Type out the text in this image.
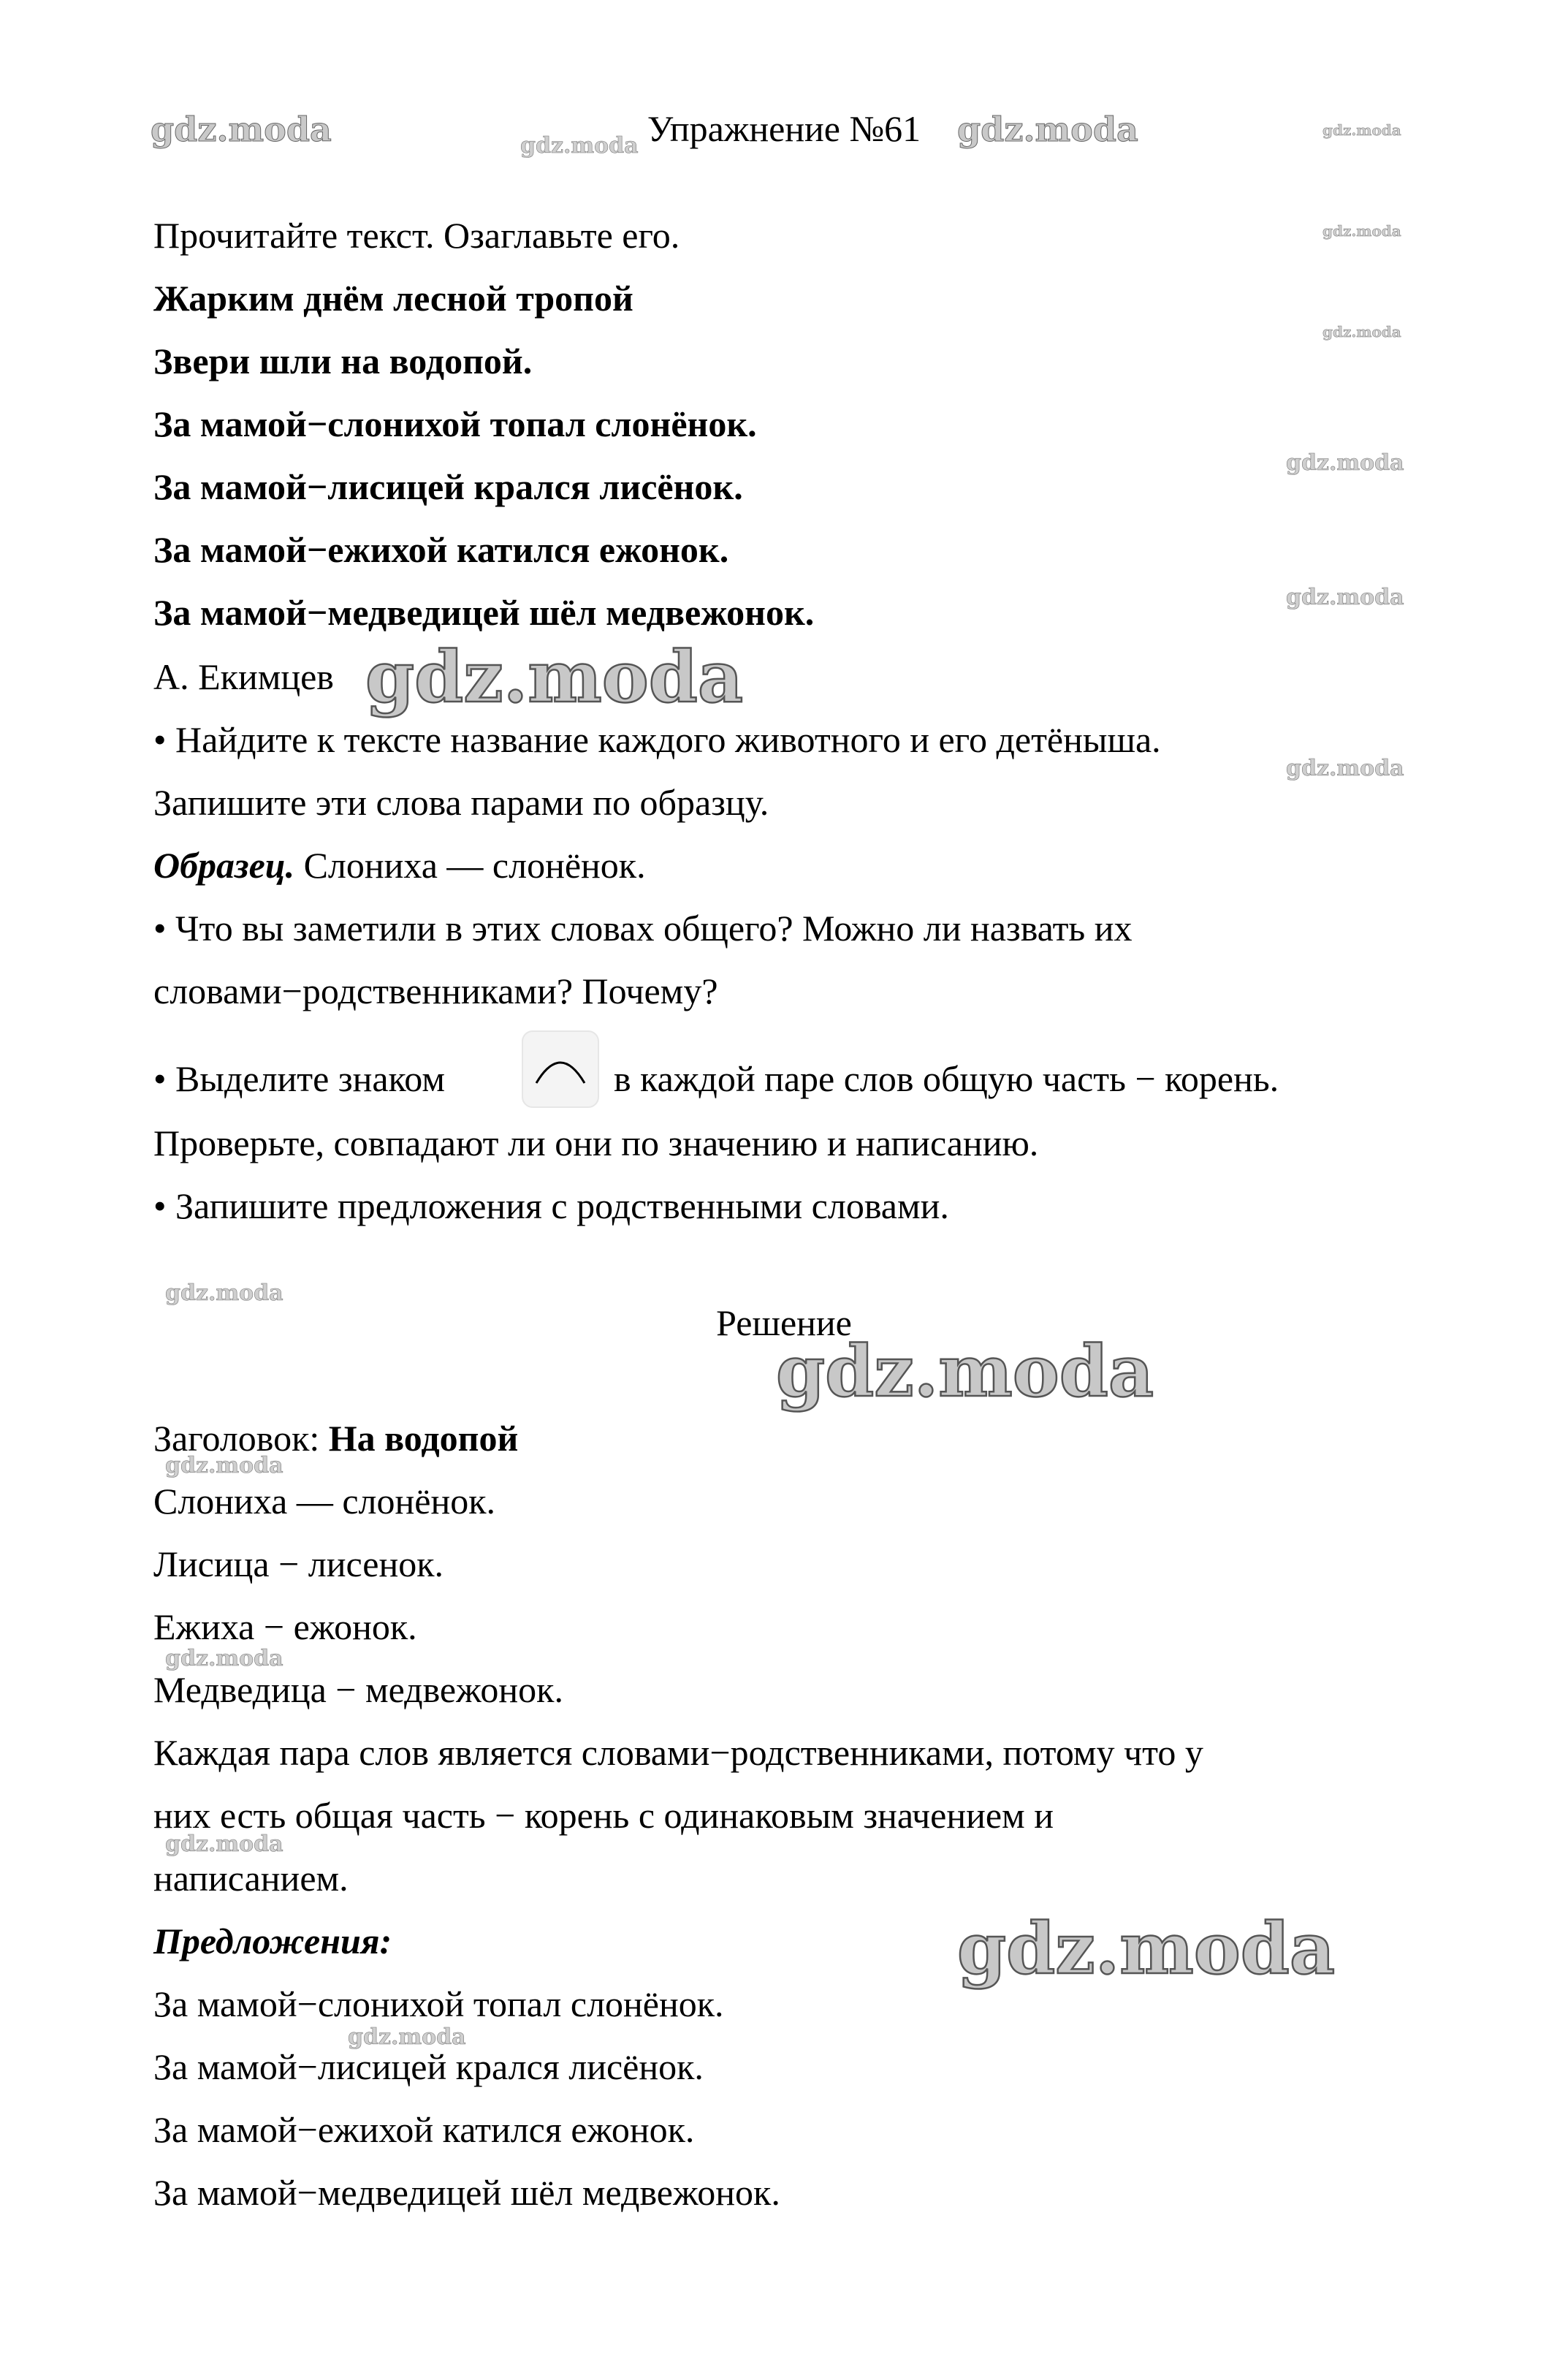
Упражнение №61
Прочитайте текст. Озаглавьте его.
Жарким днём лесной тропой
Звери шли на водопой.
За мамой−слонихой топал слонёнок.
За мамой−лисицей крался лисёнок.
За мамой−ежихой катился ежонок.
За мамой−медведицей шёл медвежонок.
А. Екимцев
• Найдите к тексте название каждого животного и его детёныша.
Запишите эти слова парами по образцу.
Образец. Слониха — слонёнок.
• Что вы заметили в этих словах общего? Можно ли назвать их
словами−родственниками? Почему?
• Выделите знаком	в каждой паре слов общую часть − корень.
Проверьте, совпадают ли они по значению и написанию.
• Запишите предложения с родственными словами.
Решение
Заголовок: На водопой
Слониха — слонёнок.
Лисица − лисенок.
Ежиха − ежонок.
Медведица − медвежонок.
Каждая пара слов является словами−родственниками, потому что у
них есть общая часть − корень с одинаковым значением и
написанием.
Предложения:
За мамой−слонихой топал слонёнок.
За мамой−лисицей крался лисёнок.
За мамой−ежихой катился ежонок.
За мамой−медведицей шёл медвежонок.
gdz.moda	gdz.moda	gdz.moda	gdz.moda
gdz.moda
gdz.moda
gdz.moda
gdz.moda
gdz.moda
gdz.moda
gdz.moda
gdz.moda
gdz.moda
gdz.moda
gdz.moda
gdz.moda
gdz.moda
